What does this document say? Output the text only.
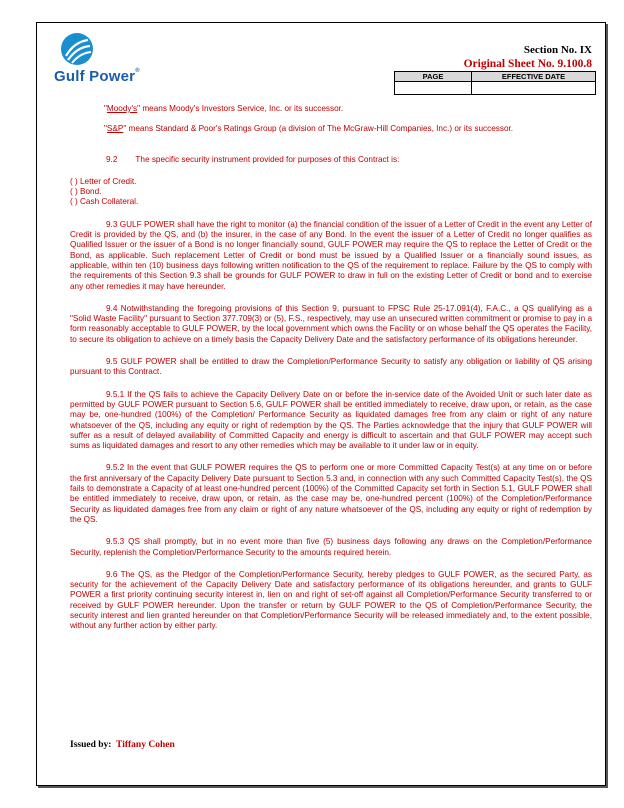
Gulf Power®
Section No. IX
Original Sheet No. 9.100.8
PAGE	EFFECTIVE DATE

"Moody's" means Moody's Investors Service, Inc. or its successor.

"S&P" means Standard & Poor's Ratings Group (a division of The McGraw-Hill Companies, Inc.) or its successor.

9.2        The specific security instrument provided for purposes of this Contract is:

( ) Letter of Credit.

( ) Bond.

( ) Cash Collateral.

9.3 GULF POWER shall have the right to monitor (a) the financial condition of the issuer of a Letter of Credit in the event any Letter of Credit is provided by the QS, and (b) the insurer, in the case of any Bond. In the event the issuer of a Letter of Credit no longer qualifies as Qualified Issuer or the issuer of a Bond is no longer financially sound, GULF POWER may require the QS to replace the Letter of Credit or the Bond, as applicable. Such replacement Letter of Credit or bond must be issued by a Qualified Issuer or a financially sound issues, as applicable, within ten (10) business days following written notification to the QS of the requirement to replace. Failure by the QS to comply with the requirements of this Section 9.3 shall be grounds for GULF POWER to draw in full on the existing Letter of Credit or bond and to exercise any other remedies it may have hereunder.

9.4 Notwithstanding the foregoing provisions of this Section 9, pursuant to FPSC Rule 25-17.091(4), F.A.C., a QS qualifying as a "Solid Waste Facility" pursuant to Section 377.709(3) or (5), F.S., respectively, may use an unsecured written commitment or promise to pay in a form reasonably acceptable to GULF POWER, by the local government which owns the Facility or on whose behalf the QS operates the Facility, to secure its obligation to achieve on a timely basis the Capacity Delivery Date and the satisfactory performance of its obligations hereunder.

9.5 GULF POWER shall be entitled to draw the Completion/Performance Security to satisfy any obligation or liability of QS arising pursuant to this Contract.

9.5.1 If the QS fails to achieve the Capacity Delivery Date on or before the in-service date of the Avoided Unit or such later date as permitted by GULF POWER pursuant to Section 5.6, GULF POWER shall be entitled immediately to receive, draw upon, or retain, as the case may be, one-hundred (100%) of the Completion/ Performance Security as liquidated damages free from any claim or right of any nature whatsoever of the QS, including any equity or right of redemption by the QS. The Parties acknowledge that the injury that GULF POWER will suffer as a result of delayed availability of Committed Capacity and energy is difficult to ascertain and that GULF POWER may accept such sums as liquidated damages and resort to any other remedies which may be available to it under law or in equity.

9.5.2 In the event that GULF POWER requires the QS to perform one or more Committed Capacity Test(s) at any time on or before the first anniversary of the Capacity Delivery Date pursuant to Section 5.3 and, in connection with any such Committed Capacity Test(s), the QS fails to demonstrate a Capacity of at least one-hundred percent (100%) of the Committed Capacity set forth in Section 5.1, GULF POWER shall be entitled immediately to receive, draw upon, or retain, as the case may be, one-hundred percent (100%) of the Completion/Performance Security as liquidated damages free from any claim or right of any nature whatsoever of the QS, including any equity or right of redemption by the QS.

9.5.3 QS shall promptly, but in no event more than five (5) business days following any draws on the Completion/Performance Security, replenish the Completion/Performance Security to the amounts required herein.

9.6 The QS, as the Pledgor of the Completion/Performance Security, hereby pledges to GULF POWER, as the secured Party, as security for the achievement of the Capacity Delivery Date and satisfactory performance of its obligations hereunder, and grants to GULF POWER a first priority continuing security interest in, lien on and right of set-off against all Completion/Performance Security transferred to or received by GULF POWER hereunder. Upon the transfer or return by GULF POWER to the QS of Completion/Performance Security, the security interest and lien granted hereunder on that Completion/Performance Security will be released immediately and, to the extent possible, without any further action by either party.

Issued by: Tiffany Cohen
